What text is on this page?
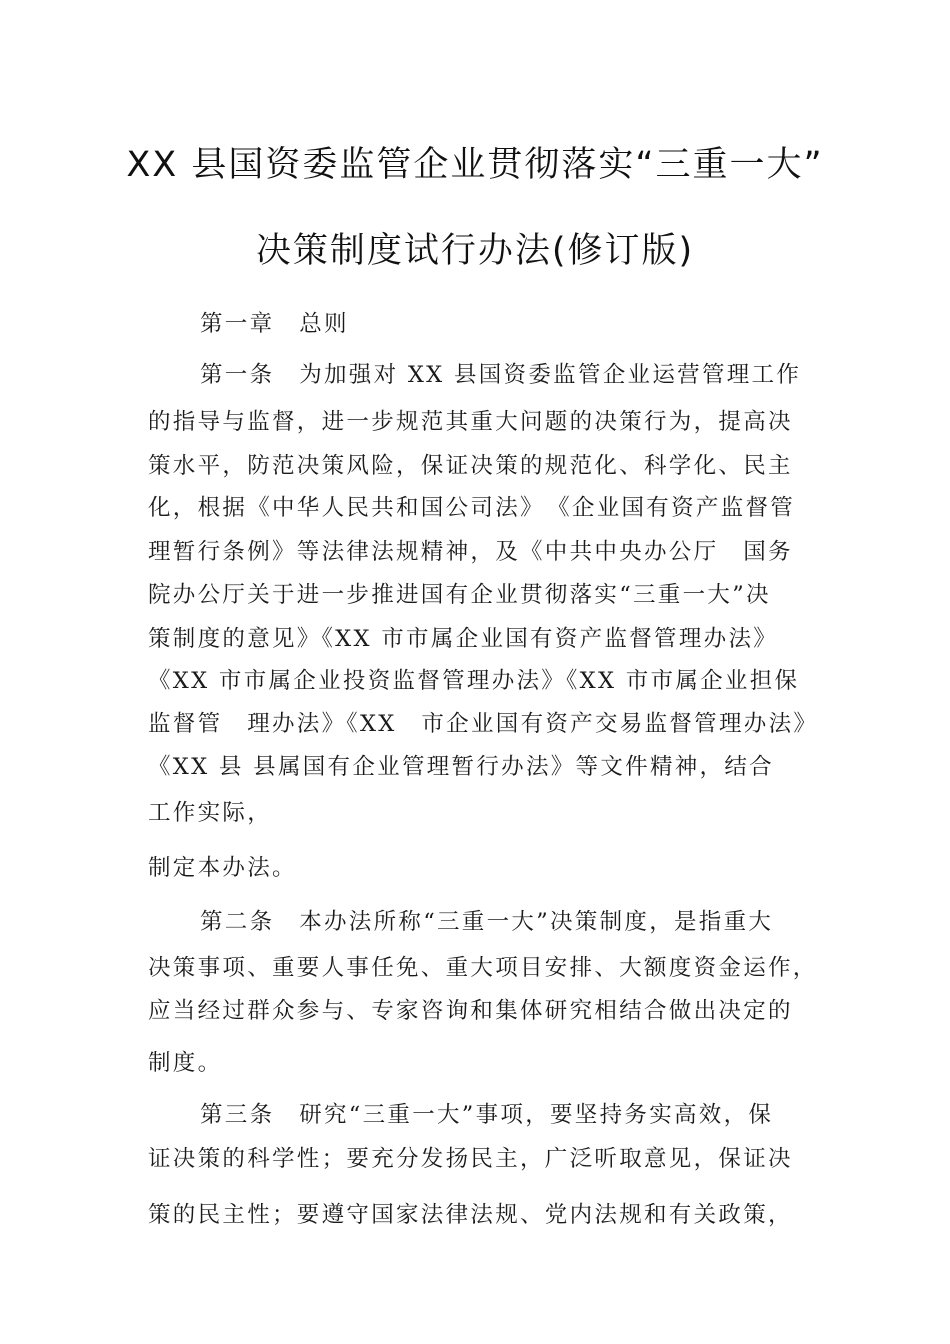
XX 县国资委监管企业贯彻落实“三重一大”
决策制度试行办法(修订版)
第一章　总则
第一条　为加强对 XX 县国资委监管企业运营管理工作
的指导与监督，进一步规范其重大问题的决策行为，提高决
策水平，防范决策风险，保证决策的规范化、科学化、民主
化，根据《中华人民共和国公司法》　《企业国有资产监督管
理暂行条例》等法律法规精神，及《中共中央办公厅　国务
院办公厅关于进一步推进国有企业贯彻落实“三重一大”决
策制度的意见》《XX 市市属企业国有资产监督管理办法》
《XX 市市属企业投资监督管理办法》《XX 市市属企业担保
监督管　理办法》《XX　市企业国有资产交易监督管理办法》
《XX 县 县属国有企业管理暂行办法》等文件精神，结合
工作实际，
制定本办法。
第二条　本办法所称“三重一大”决策制度，是指重大
决策事项、重要人事任免、重大项目安排、大额度资金运作，
应当经过群众参与、专家咨询和集体研究相结合做出决定的
制度。
第三条　研究“三重一大”事项，要坚持务实高效，保
证决策的科学性；要充分发扬民主，广泛听取意见，保证决
策的民主性；要遵守国家法律法规、党内法规和有关政策，
